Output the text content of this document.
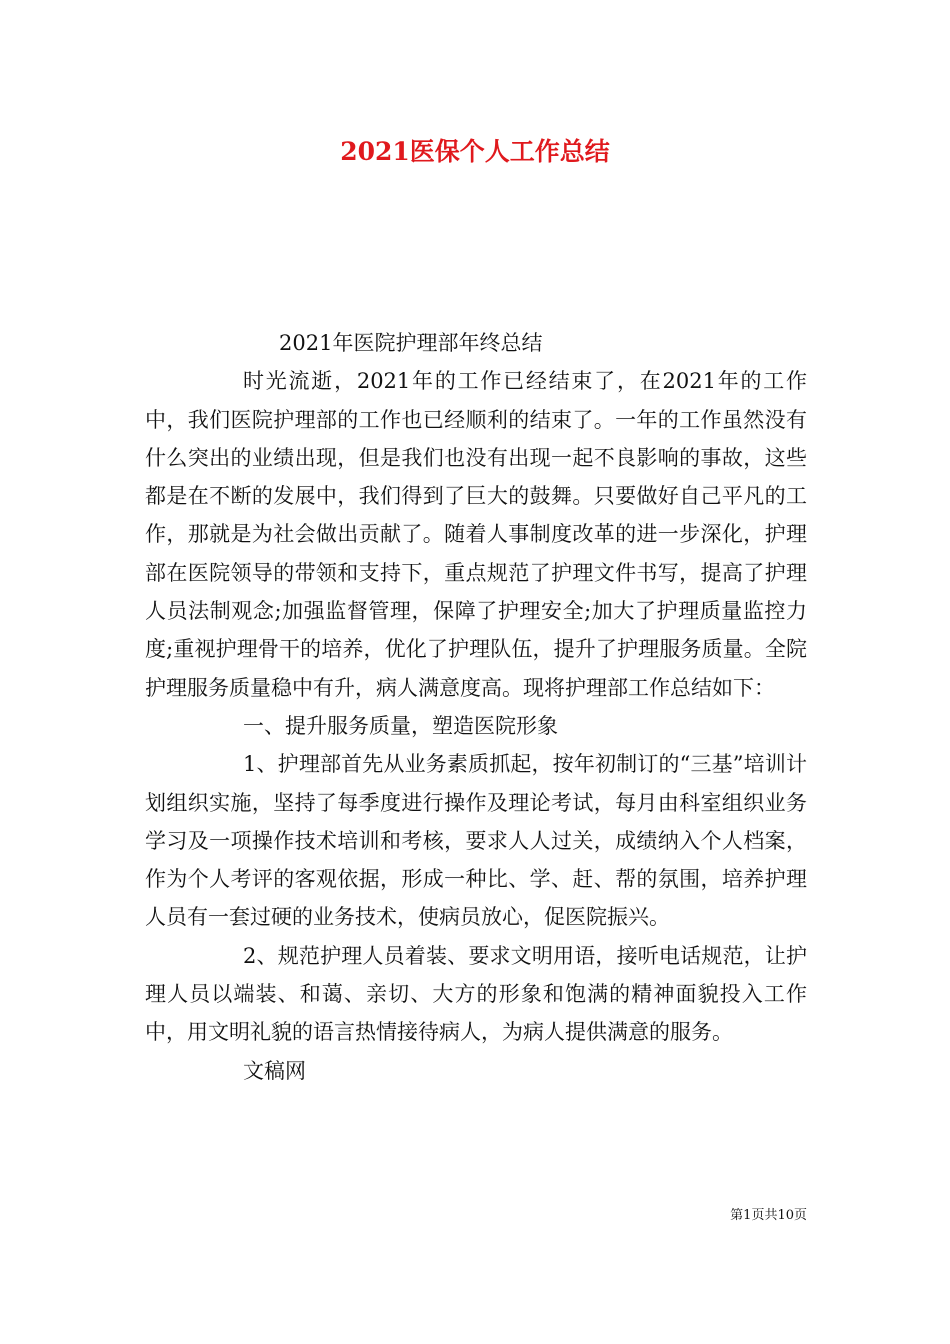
2021医保个人工作总结

2021年医院护理部年终总结

时光流逝，2021年的工作已经结束了，在2021年的工作中，我们医院护理部的工作也已经顺利的结束了。一年的工作虽然没有什么突出的业绩出现，但是我们也没有出现一起不良影响的事故，这些都是在不断的发展中，我们得到了巨大的鼓舞。只要做好自己平凡的工作，那就是为社会做出贡献了。随着人事制度改革的进一步深化，护理部在医院领导的带领和支持下，重点规范了护理文件书写，提高了护理人员法制观念;加强监督管理，保障了护理安全;加大了护理质量监控力度;重视护理骨干的培养，优化了护理队伍，提升了护理服务质量。全院护理服务质量稳中有升，病人满意度高。现将护理部工作总结如下：

一、提升服务质量，塑造医院形象

1、护理部首先从业务素质抓起，按年初制订的“三基”培训计划组织实施，坚持了每季度进行操作及理论考试，每月由科室组织业务学习及一项操作技术培训和考核，要求人人过关，成绩纳入个人档案，作为个人考评的客观依据，形成一种比、学、赶、帮的氛围，培养护理人员有一套过硬的业务技术，使病员放心，促医院振兴。

2、规范护理人员着装、要求文明用语，接听电话规范，让护理人员以端装、和蔼、亲切、大方的形象和饱满的精神面貌投入工作中，用文明礼貌的语言热情接待病人，为病人提供满意的服务。

文稿网

第1页共10页
